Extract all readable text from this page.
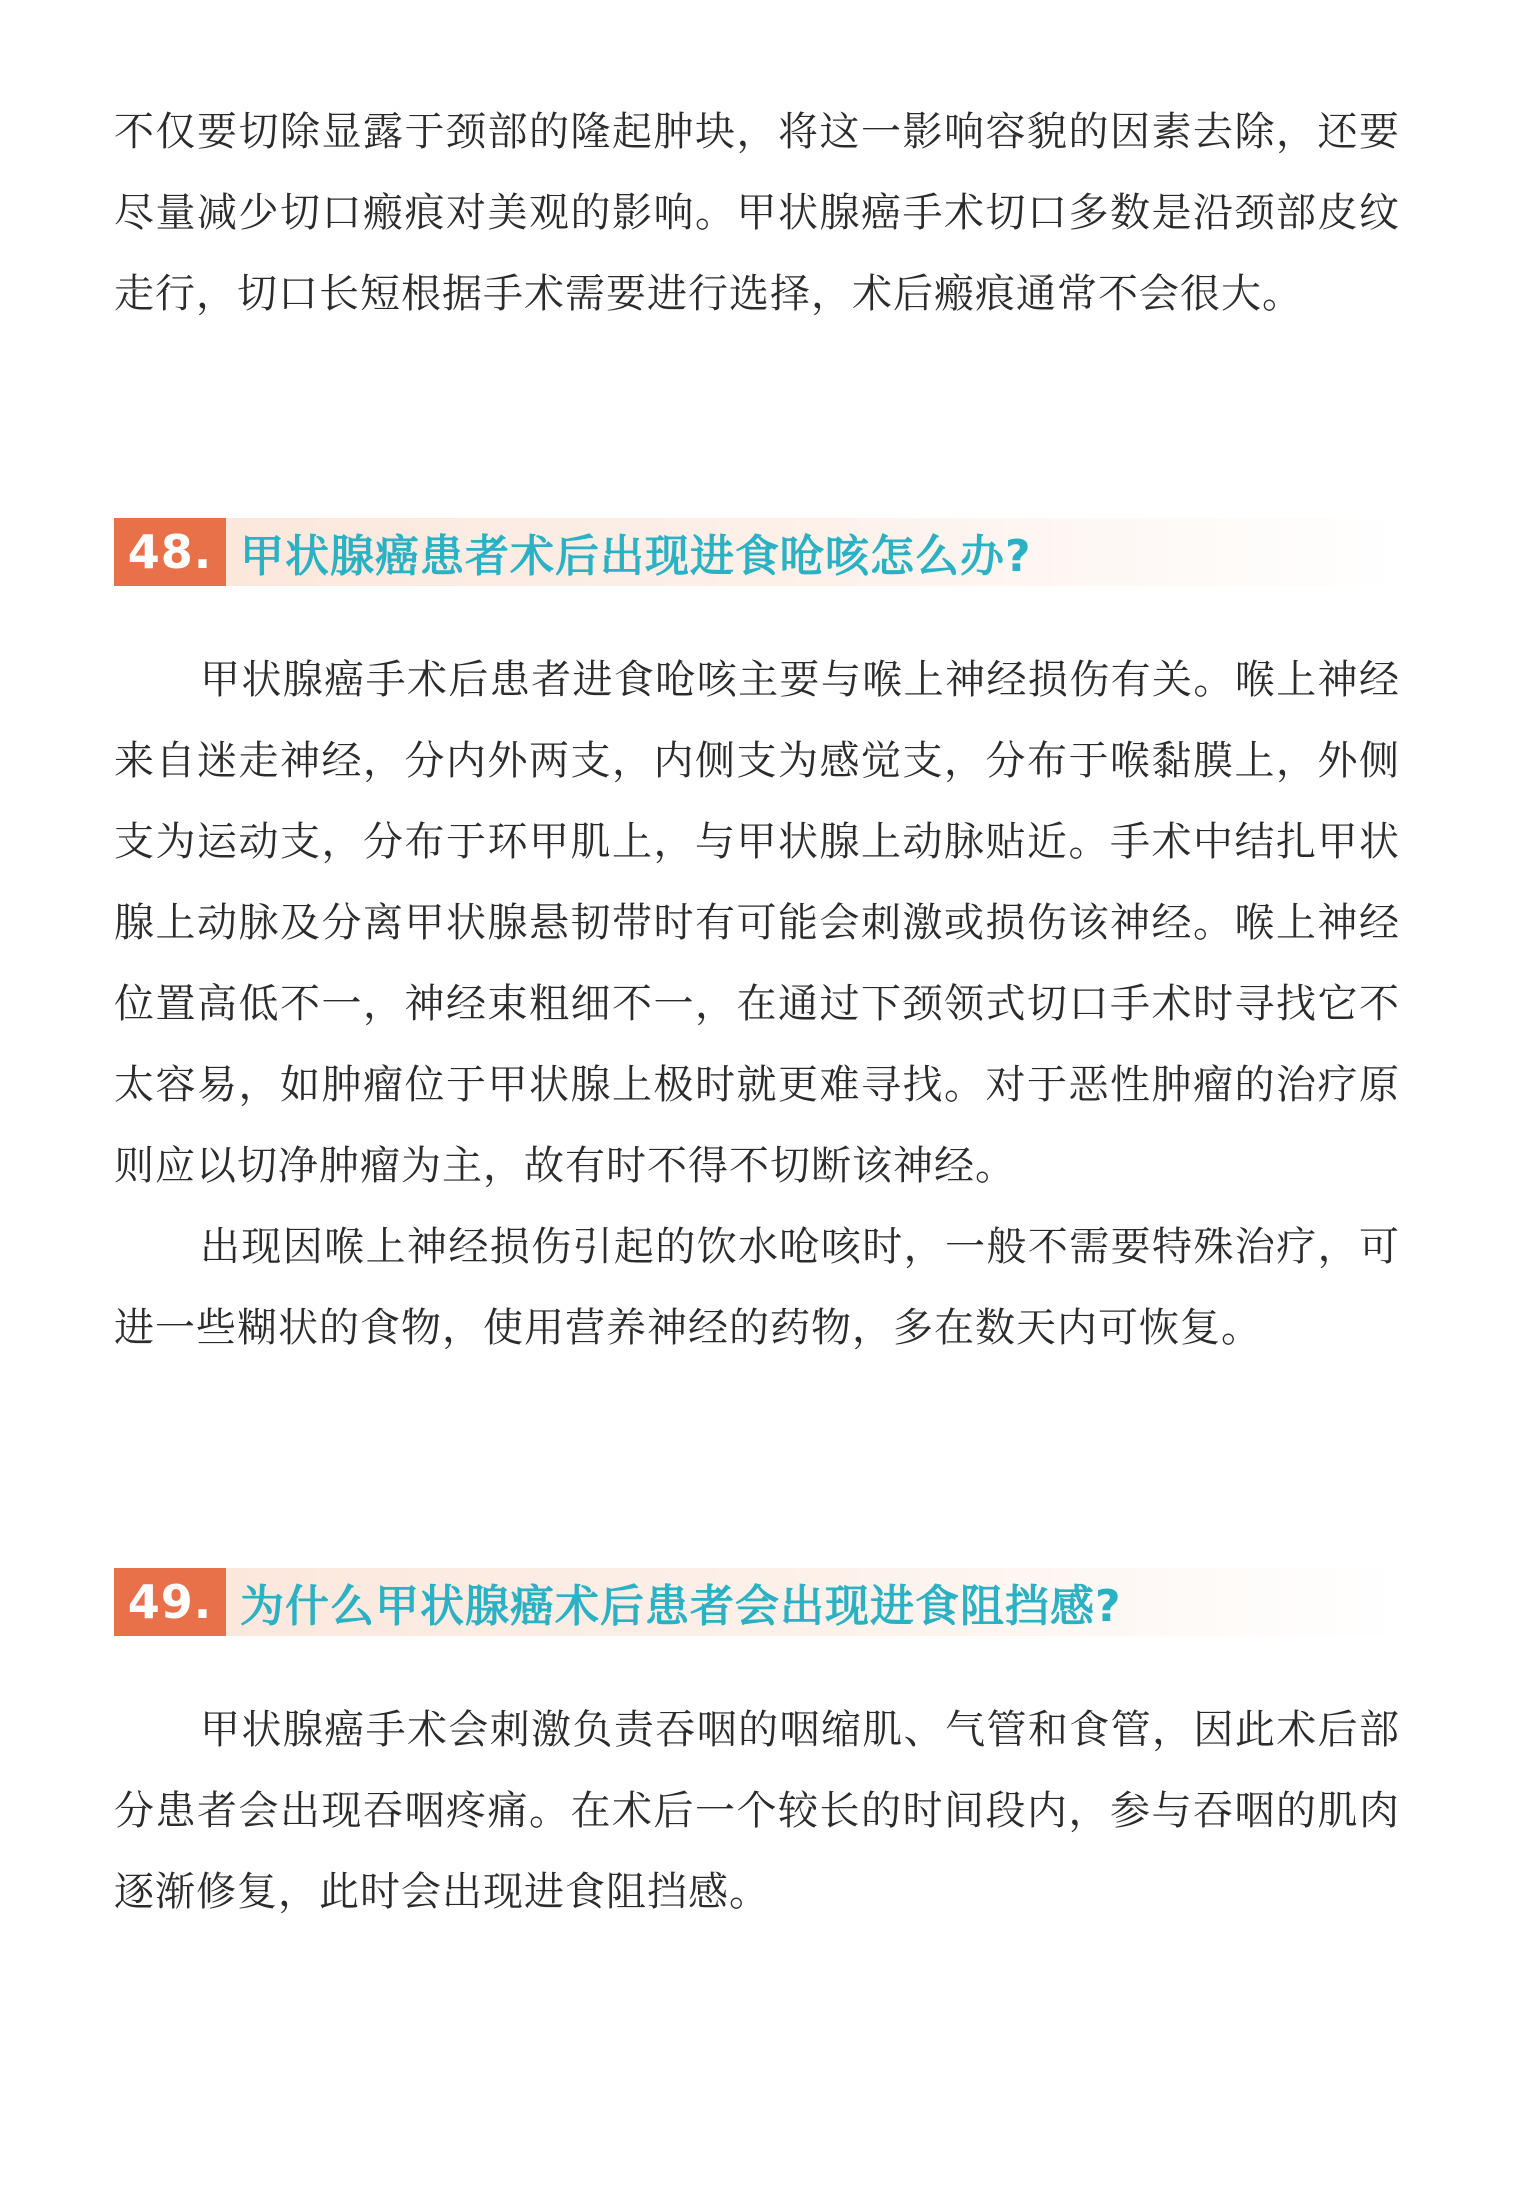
不仅要切除显露于颈部的隆起肿块，将这一影响容貌的因素去除，还要尽量减少切口瘢痕对美观的影响。甲状腺癌手术切口多数是沿颈部皮纹走行，切口长短根据手术需要进行选择，术后瘢痕通常不会很大。

48. 甲状腺癌患者术后出现进食呛咳怎么办?

甲状腺癌手术后患者进食呛咳主要与喉上神经损伤有关。喉上神经来自迷走神经，分内外两支，内侧支为感觉支，分布于喉黏膜上，外侧支为运动支，分布于环甲肌上，与甲状腺上动脉贴近。手术中结扎甲状腺上动脉及分离甲状腺悬韧带时有可能会刺激或损伤该神经。喉上神经位置高低不一，神经束粗细不一，在通过下颈领式切口手术时寻找它不太容易，如肿瘤位于甲状腺上极时就更难寻找。对于恶性肿瘤的治疗原则应以切净肿瘤为主，故有时不得不切断该神经。

出现因喉上神经损伤引起的饮水呛咳时，一般不需要特殊治疗，可进一些糊状的食物，使用营养神经的药物，多在数天内可恢复。

49. 为什么甲状腺癌术后患者会出现进食阻挡感?

甲状腺癌手术会刺激负责吞咽的咽缩肌、气管和食管，因此术后部分患者会出现吞咽疼痛。在术后一个较长的时间段内，参与吞咽的肌肉逐渐修复，此时会出现进食阻挡感。
